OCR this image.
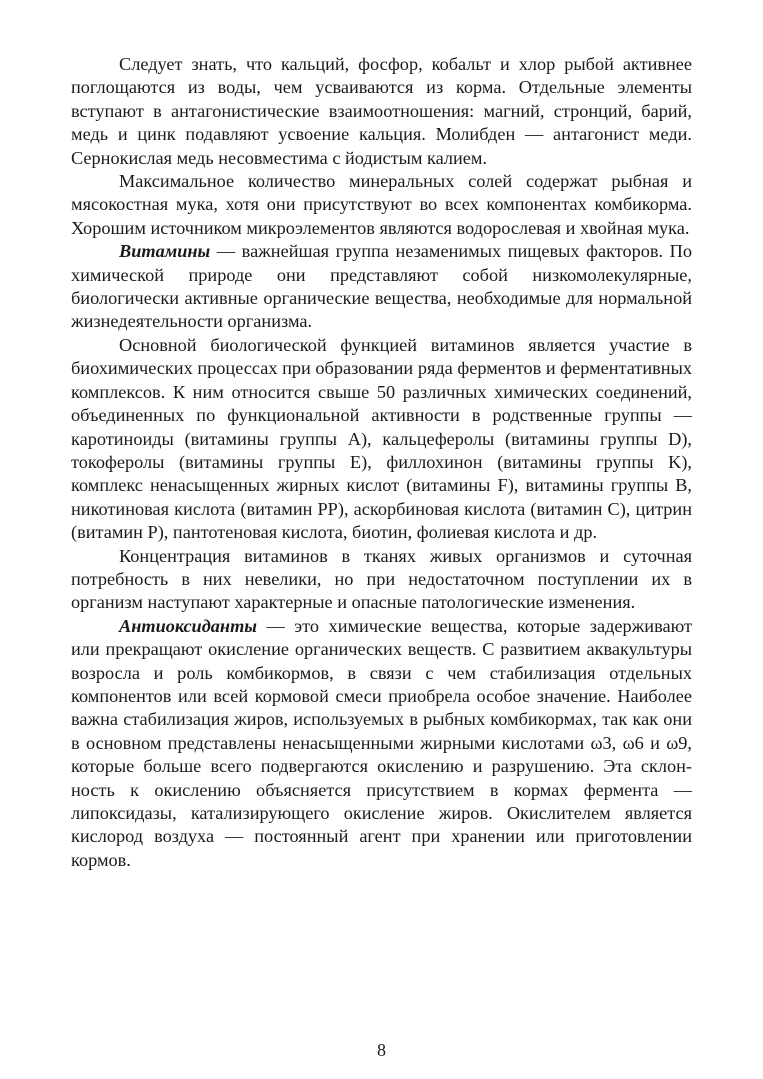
Следует знать, что кальций, фосфор, кобальт и хлор рыбой активнее поглощаются из воды, чем усваиваются из корма. Отдельные элементы вступают в антагонистические взаимоотношения: магний, стронций, барий, медь и цинк подавляют усвоение кальция. Молибден — антагонист меди. Сернокислая медь несовместима с йодистым калием.

Максимальное количество минеральных солей содержат рыбная и мясокостная мука, хотя они присутствуют во всех компонентах комбикорма. Хорошим источником микроэлементов являются водорослевая и хвойная мука.

Витамины — важнейшая группа незаменимых пищевых факторов. По химической природе они представляют собой низкомолекулярные, биологически активные органические вещества, необходимые для нормальной жизнедеятельности организма.

Основной биологической функцией витаминов является участие в биохимических процессах при образовании ряда ферментов и ферментативных комплексов. К ним относится свыше 50 различных химических соединений, объединенных по функциональной активности в родственные группы — каротиноиды (витамины группы A), кальцеферолы (витамины группы D), токоферолы (витамины группы E), филлохинон (витамины группы K), комплекс ненасыщенных жирных кислот (витамины F), витамины группы B, никотиновая кислота (витамин PP), аскорбиновая кислота (витамин C), цитрин (витамин P), пантотеновая кислота, биотин, фолиевая кислота и др.

Концентрация витаминов в тканях живых организмов и суточная потребность в них невелики, но при недостаточном поступлении их в организм наступают характерные и опасные патологические изменения.

Антиоксиданты — это химические вещества, которые задерживают или прекращают окисление органических веществ. С развитием аквакультуры возросла и роль комбикормов, в связи с чем стабилизация отдельных компонентов или всей кормовой смеси приобрела особое значение. Наиболее важна стабилизация жиров, используемых в рыбных комбикормах, так как они в основном представлены ненасыщенными жирными кислотами ω3, ω6 и ω9, которые больше всего подвергаются окислению и разрушению. Эта склонность к окислению объясняется присутствием в кормах фермента — липоксидазы, катализирующего окисление жиров. Окислителем является кислород воздуха — постоянный агент при хранении или приготовлении кормов.

8
